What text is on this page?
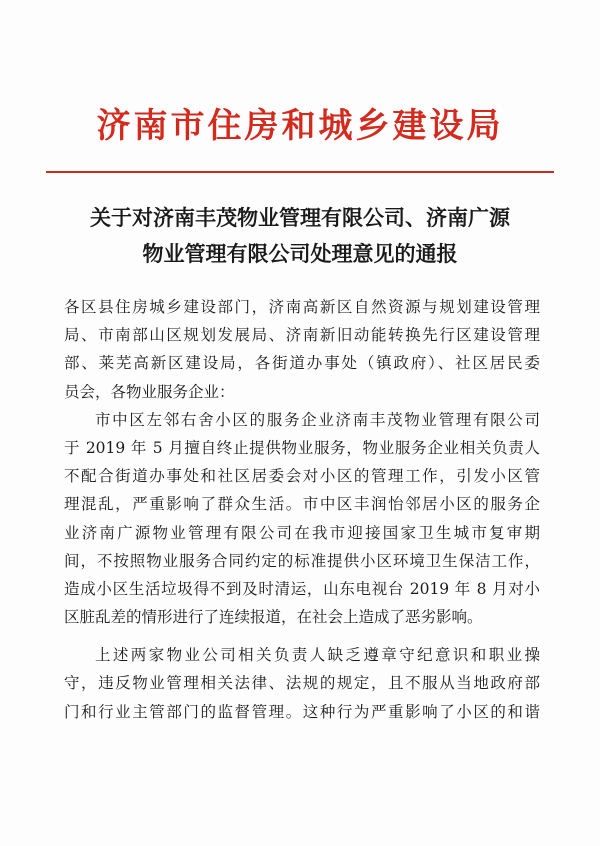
济南市住房和城乡建设局
关于对济南丰茂物业管理有限公司、济南广源
物业管理有限公司处理意见的通报
各区县住房城乡建设部门，济南高新区自然资源与规划建设管理
局、市南部山区规划发展局、济南新旧动能转换先行区建设管理
部、莱芜高新区建设局，各街道办事处（镇政府）、社区居民委
员会，各物业服务企业：
市中区左邻右舍小区的服务企业济南丰茂物业管理有限公司
于 2019 年 5 月擅自终止提供物业服务，物业服务企业相关负责人
不配合街道办事处和社区居委会对小区的管理工作，引发小区管
理混乱，严重影响了群众生活。市中区丰润怡邻居小区的服务企
业济南广源物业管理有限公司在我市迎接国家卫生城市复审期
间，不按照物业服务合同约定的标准提供小区环境卫生保洁工作，
造成小区生活垃圾得不到及时清运，山东电视台 2019 年 8 月对小
区脏乱差的情形进行了连续报道，在社会上造成了恶劣影响。
上述两家物业公司相关负责人缺乏遵章守纪意识和职业操
守，违反物业管理相关法律、法规的规定，且不服从当地政府部
门和行业主管部门的监督管理。这种行为严重影响了小区的和谐
